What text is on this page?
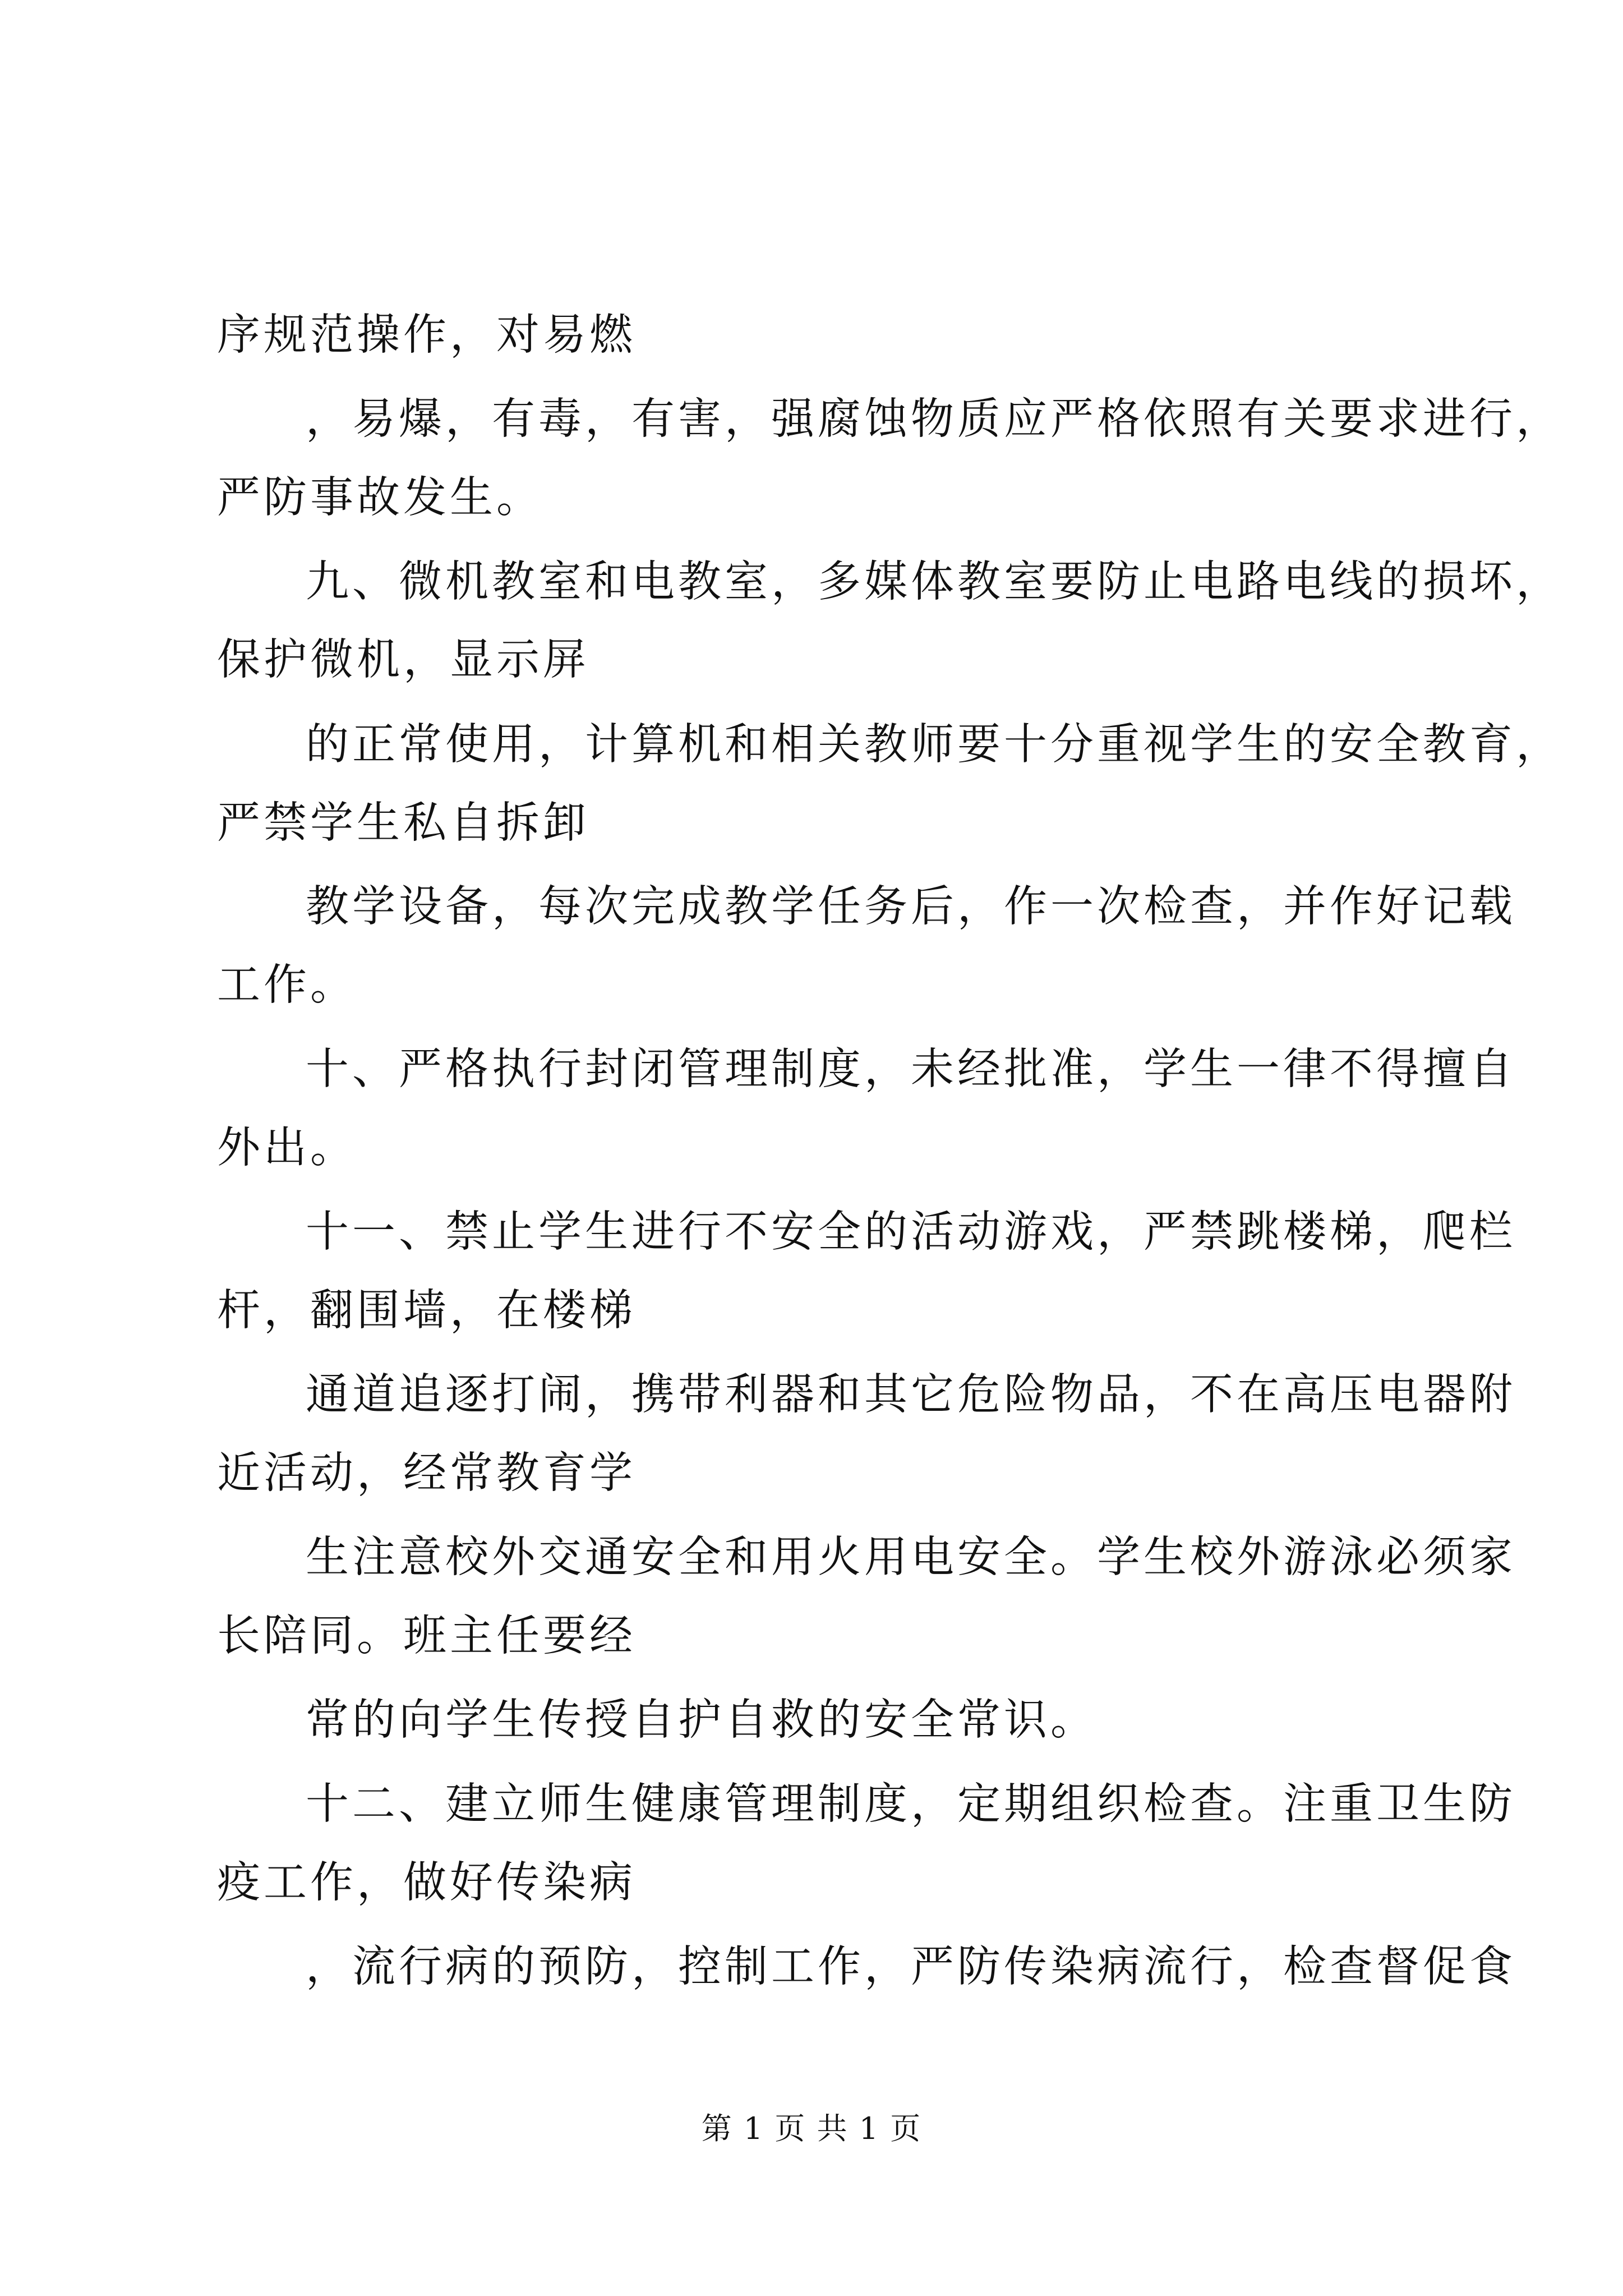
序规范操作，对易燃
，易爆，有毒，有害，强腐蚀物质应严格依照有关要求进行，
严防事故发生。
九、微机教室和电教室，多媒体教室要防止电路电线的损坏，
保护微机，显示屏
的正常使用，计算机和相关教师要十分重视学生的安全教育，
严禁学生私自拆卸
教学设备，每次完成教学任务后，作一次检查，并作好记载
工作。
十、严格执行封闭管理制度，未经批准，学生一律不得擅自
外出。
十一、禁止学生进行不安全的活动游戏，严禁跳楼梯，爬栏
杆，翻围墙，在楼梯
通道追逐打闹，携带利器和其它危险物品，不在高压电器附
近活动，经常教育学
生注意校外交通安全和用火用电安全。学生校外游泳必须家
长陪同。班主任要经
常的向学生传授自护自救的安全常识。
十二、建立师生健康管理制度，定期组织检查。注重卫生防
疫工作，做好传染病
，流行病的预防，控制工作，严防传染病流行，检查督促食
第 1 页 共 1 页
